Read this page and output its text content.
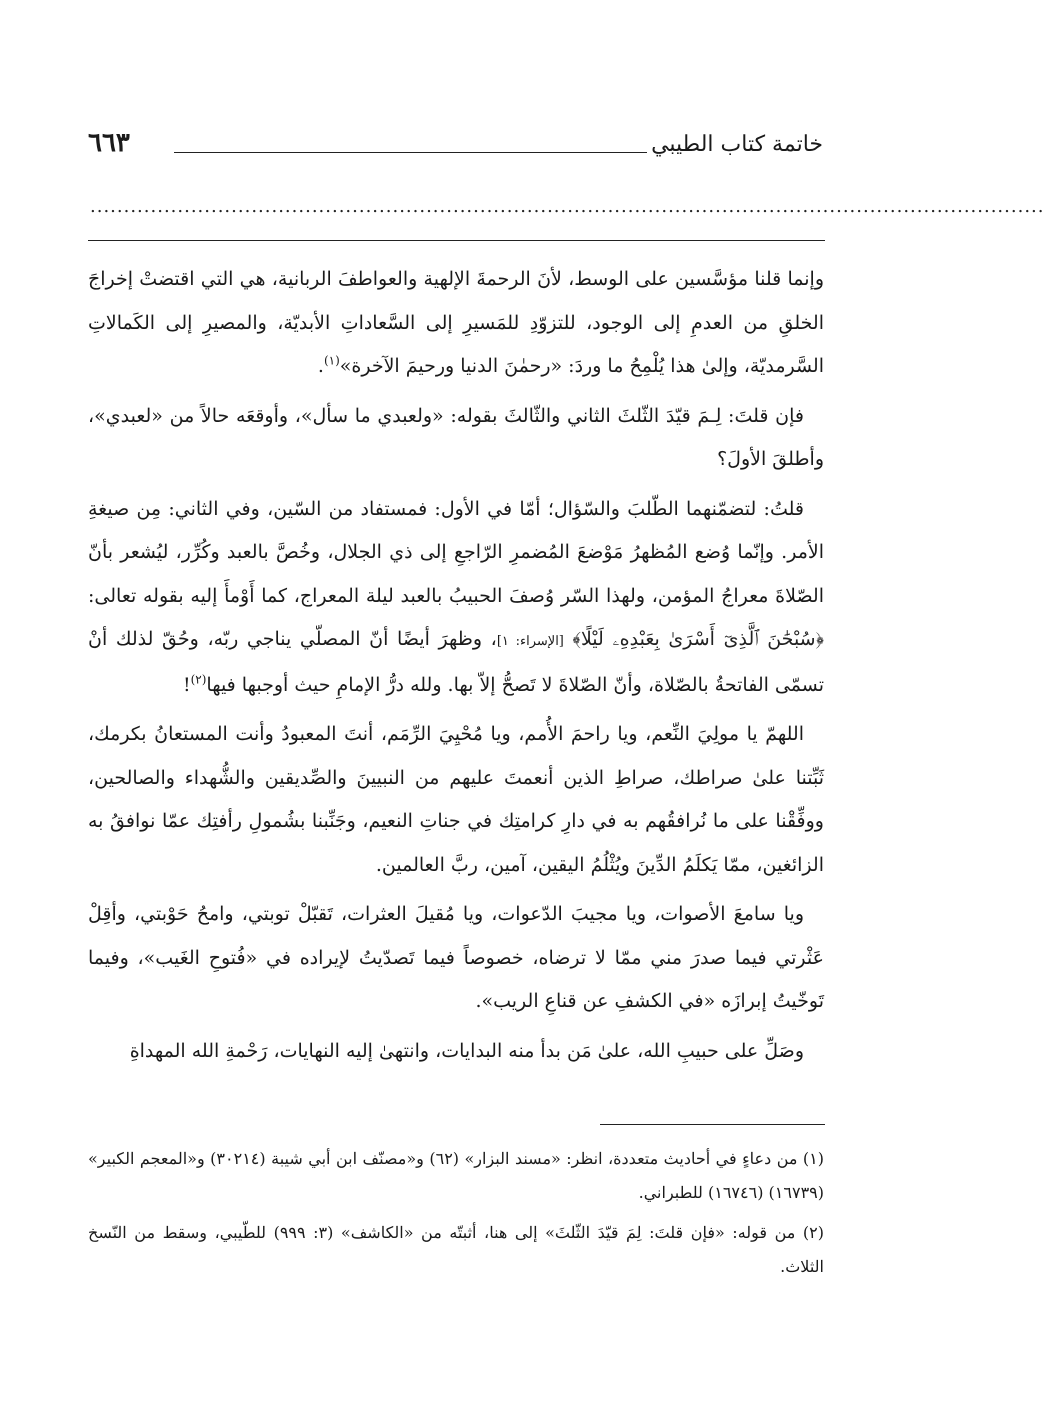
خاتمة كتاب الطيبي
٦٦٣
..............................................................................................................................................

وإنما قلنا مؤسَّسين على الوسط، لأنَ الرحمةَ الإلهية والعواطفَ الربانية، هي التي اقتضتْ إخراجَ الخلقِ من العدمِ إلى الوجود، للتزوّدِ للمَسيرِ إلى السَّعاداتِ الأبديّة، والمصيرِ إلى الكَمالاتِ السَّرمديّة، وإلىٰ هذا يُلْمِحُ ما وردَ: «رحمٰنَ الدنيا ورحيمَ الآخرة»$^{(١)}$.

فإن قلتَ: لِـمَ قيّدَ الثّلثَ الثاني والثّالثَ بقوله: «ولعبدي ما سأل»، وأوقعَه حالاً من «لعبدي»، وأطلقَ الأولَ؟

قلتُ: لتضمّنهما الطّلبَ والسّؤال؛ أمّا في الأول: فمستفاد من السّين، وفي الثاني: مِن صيغةِ الأمر. وإنّما وُضع المُظهرُ مَوْضعَ المُضمرِ الرّاجعِ إلى ذي الجلال، وخُصَّ بالعبد وكُرِّر، ليُشعر بأنّ الصّلاةَ معراجُ المؤمن، ولهذا السّر وُصفَ الحبيبُ بالعبد ليلة المعراج، كما أَوْمأَ إليه بقوله تعالى: ﴿سُبْحَٰنَ ٱلَّذِىٓ أَسْرَىٰ بِعَبْدِهِۦ لَيْلًا﴾ [الإسراء: ١]، وظهرَ أيضًا أنّ المصلّي يناجي ربّه، وحُقّ لذلك أنْ تسمّى الفاتحةُ بالصّلاة، وأنّ الصّلاةَ لا تَصحُّ إلاّ بها. ولله درُّ الإمامِ حيث أوجبها فيها$^{(٢)}$!

اللهمّ يا مولِيَ النِّعم، ويا راحمَ الأُمم، ويا مُحْيِيَ الرِّمَم، أنتَ المعبودُ وأنت المستعانُ بكرمك، ثَبِّتنا علىٰ صراطك، صراطِ الذين أنعمتَ عليهم من النبيينَ والصِّديقين والشُّهداء والصالحين، ووفِّقْنا على ما نُرافقُهم به في دارِ كرامتِك في جناتِ النعيم، وجَنِّبنا بشُمولِ رأفتِك عمّا نوافقُ به الزائغين، ممّا يَكلَمُ الدِّينَ ويُثْلُمُ اليقين، آمين، ربَّ العالمين.

ويا سامعَ الأصوات، ويا مجيبَ الدّعوات، ويا مُقيلَ العثرات، تَقبّلْ توبتي، وامحُ حَوْبتي، وأقِلْ عَثْرتي فيما صدرَ مني ممّا لا ترضاه، خصوصاً فيما تَصدّيتُ لإيراده في «فُتوحِ الغَيب»، وفيما تَوخّيتُ إبرازَه «في الكشفِ عن قناعِ الريب».

وصَلِّ على حبيبِ الله، علىٰ مَن بدأ منه البدايات، وانتهىٰ إليه النهايات، رَحْمةِ الله المهداةِ

(١) من دعاءٍ في أحاديث متعددة، انظر: «مسند البزار» (٦٢) و«مصنّف ابن أبي شيبة (٣٠٢١٤) و«المعجم الكبير» (١٦٧٣٩) (١٦٧٤٦) للطبراني.

(٢) من قوله: «فإن قلتَ: لِمَ قيّدَ الثّلثَ» إلى هنا، أثبتّه من «الكاشف» (٣: ٩٩٩) للطّيبي، وسقط من النّسخ الثلاث.
